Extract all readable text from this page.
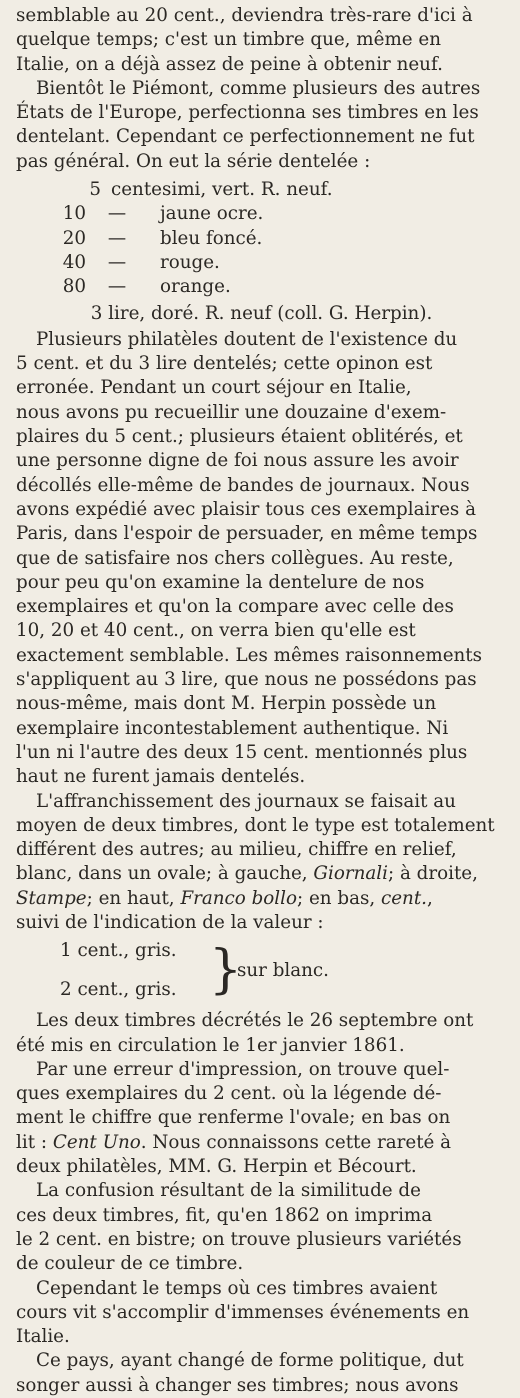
semblable au 20 cent., deviendra très-rare d'ici à
quelque temps; c'est un timbre que, même en
Italie, on a déjà assez de peine à obtenir neuf.
Bientôt le Piémont, comme plusieurs des autres
États de l'Europe, perfectionna ses timbres en les
dentelant. Cependant ce perfectionnement ne fut
pas général. On eut la série dentelée :
5 centesimi, vert. R. neuf.
10	—	jaune ocre.
20	—	bleu foncé.
40	—	rouge.
80	—	orange.
3 lire, doré. R. neuf (coll. G. Herpin).
Plusieurs philatèles doutent de l'existence du
5 cent. et du 3 lire dentelés; cette opinon est
erronée. Pendant un court séjour en Italie,
nous avons pu recueillir une douzaine d'exem-
plaires du 5 cent.; plusieurs étaient oblitérés, et
une personne digne de foi nous assure les avoir
décollés elle-même de bandes de journaux. Nous
avons expédié avec plaisir tous ces exemplaires à
Paris, dans l'espoir de persuader, en même temps
que de satisfaire nos chers collègues. Au reste,
pour peu qu'on examine la dentelure de nos
exemplaires et qu'on la compare avec celle des
10, 20 et 40 cent., on verra bien qu'elle est
exactement semblable. Les mêmes raisonnements
s'appliquent au 3 lire, que nous ne possédons pas
nous-même, mais dont M. Herpin possède un
exemplaire incontestablement authentique. Ni
l'un ni l'autre des deux 15 cent. mentionnés plus
haut ne furent jamais dentelés.
L'affranchissement des journaux se faisait au
moyen de deux timbres, dont le type est totalement
différent des autres; au milieu, chiffre en relief,
blanc, dans un ovale; à gauche, Giornali; à droite,
Stampe; en haut, Franco bollo; en bas, cent.,
suivi de l'indication de la valeur :
1 cent., gris.
2 cent., gris. }
sur blanc.
Les deux timbres décrétés le 26 septembre ont
été mis en circulation le 1er janvier 1861.
Par une erreur d'impression, on trouve quel-
ques exemplaires du 2 cent. où la légende dé-
ment le chiffre que renferme l'ovale; en bas on
lit : Cent Uno. Nous connaissons cette rareté à
deux philatèles, MM. G. Herpin et Bécourt.
La confusion résultant de la similitude de
ces deux timbres, fit, qu'en 1862 on imprima
le 2 cent. en bistre; on trouve plusieurs variétés
de couleur de ce timbre.
Cependant le temps où ces timbres avaient
cours vit s'accomplir d'immenses événements en
Italie.
Ce pays, ayant changé de forme politique, dut
songer aussi à changer ses timbres; nous avons
